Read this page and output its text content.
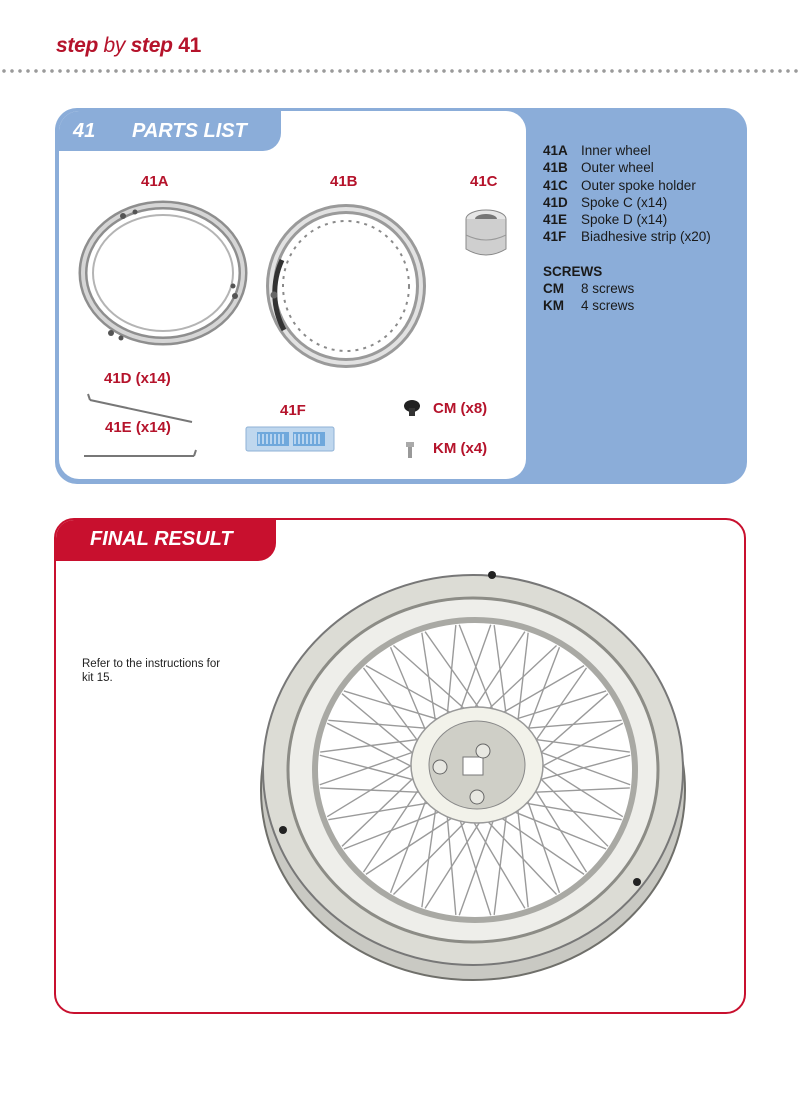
step by step 41
41 PARTS LIST
41A	41B	41C
41D (x14)
41E (x14)
41F	CM (x8)
KM (x4)
41A Inner wheel
41B Outer wheel
41C Outer spoke holder
41D Spoke C (x14)
41E	Spoke D (x14)
41F	Biadhesive strip (x20)
SCREWS
CM	8 screws
KM	4 screws
FINAL RESULT
Refer to the instructions for kit 15.
